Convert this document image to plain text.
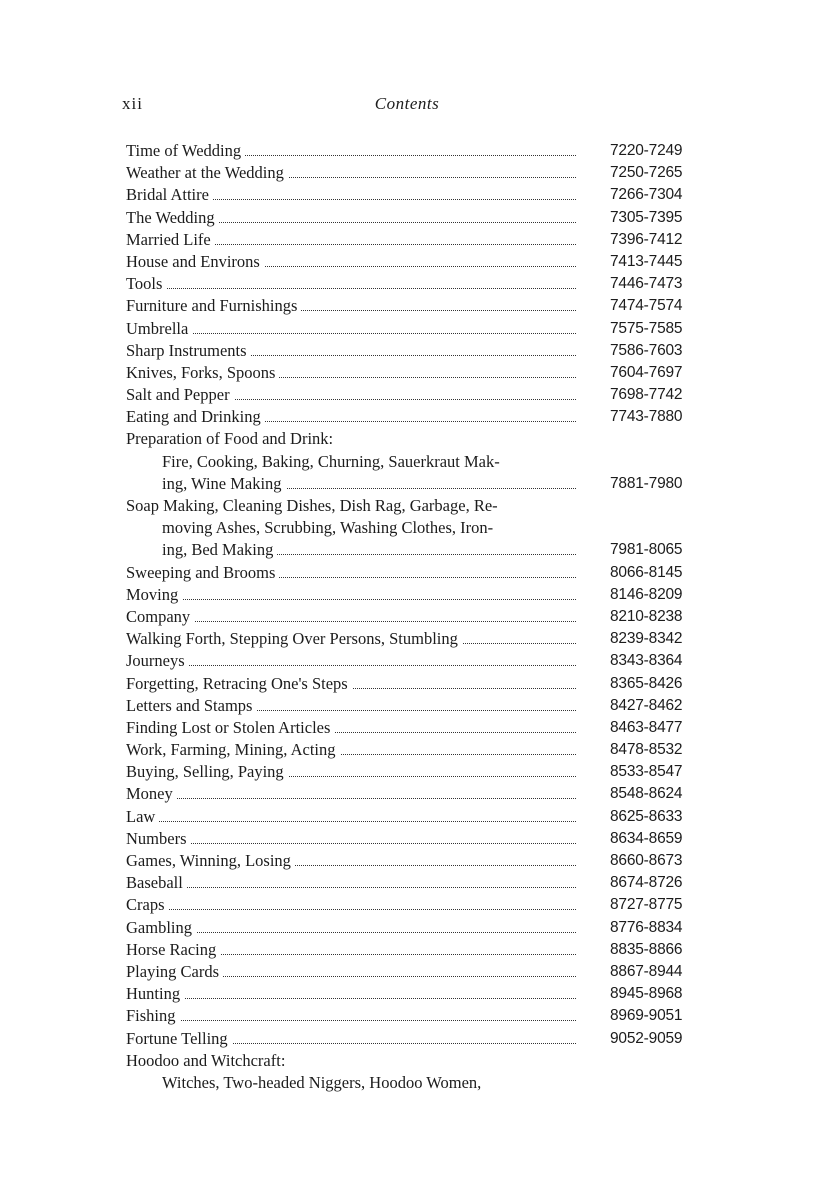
xii	Contents
Time of Wedding	7220-7249
Weather at the Wedding	7250-7265
Bridal Attire	7266-7304
The Wedding	7305-7395
Married Life	7396-7412
House and Environs	7413-7445
Tools	7446-7473
Furniture and Furnishings	7474-7574
Umbrella	7575-7585
Sharp Instruments	7586-7603
Knives, Forks, Spoons	7604-7697
Salt and Pepper	7698-7742
Eating and Drinking	7743-7880
Preparation of Food and Drink:
Fire, Cooking, Baking, Churning, Sauerkraut Mak-
ing, Wine Making	7881-7980
Soap Making, Cleaning Dishes, Dish Rag, Garbage, Re-
moving Ashes, Scrubbing, Washing Clothes, Iron-
ing, Bed Making	7981-8065
Sweeping and Brooms	8066-8145
Moving	8146-8209
Company	8210-8238
Walking Forth, Stepping Over Persons, Stumbling	8239-8342
Journeys	8343-8364
Forgetting, Retracing One's Steps	8365-8426
Letters and Stamps	8427-8462
Finding Lost or Stolen Articles	8463-8477
Work, Farming, Mining, Acting	8478-8532
Buying, Selling, Paying	8533-8547
Money	8548-8624
Law	8625-8633
Numbers	8634-8659
Games, Winning, Losing	8660-8673
Baseball	8674-8726
Craps	8727-8775
Gambling	8776-8834
Horse Racing	8835-8866
Playing Cards	8867-8944
Hunting	8945-8968
Fishing	8969-9051
Fortune Telling	9052-9059
Hoodoo and Witchcraft:
Witches, Two-headed Niggers, Hoodoo Women,
